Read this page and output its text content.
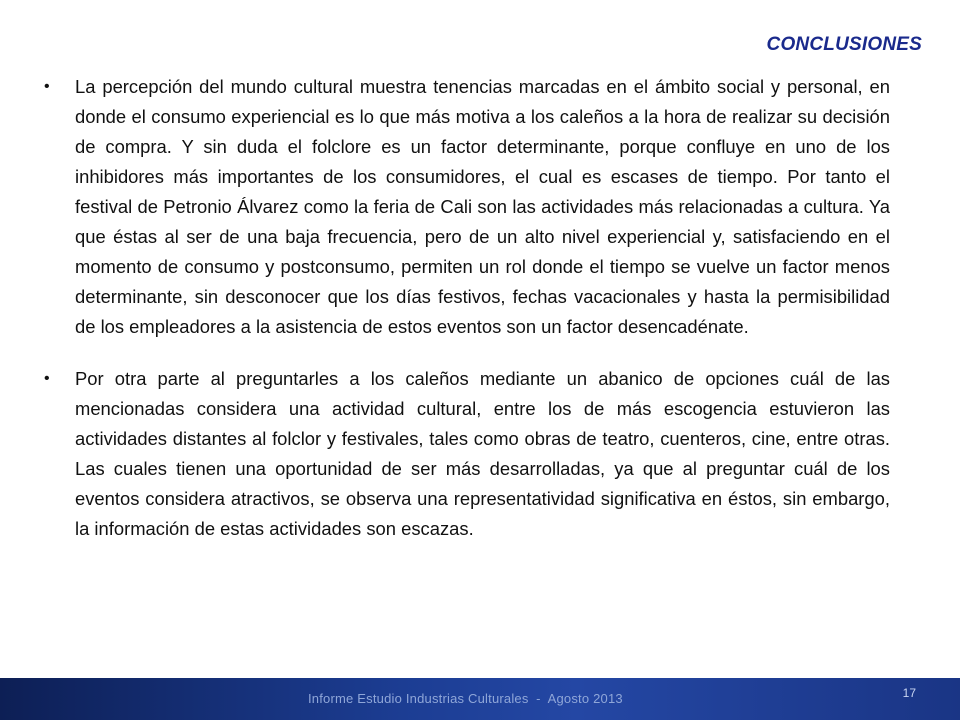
CONCLUSIONES
•	La percepción del mundo cultural muestra tenencias marcadas en el ámbito social y personal, en donde el consumo experiencial es lo que más motiva a los caleños a la hora de realizar su decisión de compra. Y sin duda el folclore es un factor determinante, porque confluye en uno de los inhibidores más importantes de los consumidores, el cual es escases de tiempo. Por tanto el festival de Petronio Álvarez como la feria de Cali son las actividades más relacionadas a cultura. Ya que éstas al ser de una baja frecuencia, pero de un alto nivel experiencial y, satisfaciendo en el momento de consumo y postconsumo, permiten un rol donde el tiempo se vuelve un factor menos determinante, sin desconocer que los días festivos, fechas vacacionales y hasta la permisibilidad de los empleadores a la asistencia de estos eventos son un factor desencadénate.
•	Por otra parte al preguntarles a los caleños mediante un abanico de opciones cuál de las mencionadas considera una actividad cultural, entre los de más escogencia estuvieron las actividades distantes al folclor y festivales, tales como obras de teatro, cuenteros, cine, entre otras. Las cuales tienen una oportunidad de ser más desarrolladas, ya que al preguntar cuál de los eventos considera atractivos, se observa una representatividad significativa en éstos, sin embargo, la información de estas actividades son escazas.
Informe Estudio Industrias Culturales  -  Agosto 2013	17
